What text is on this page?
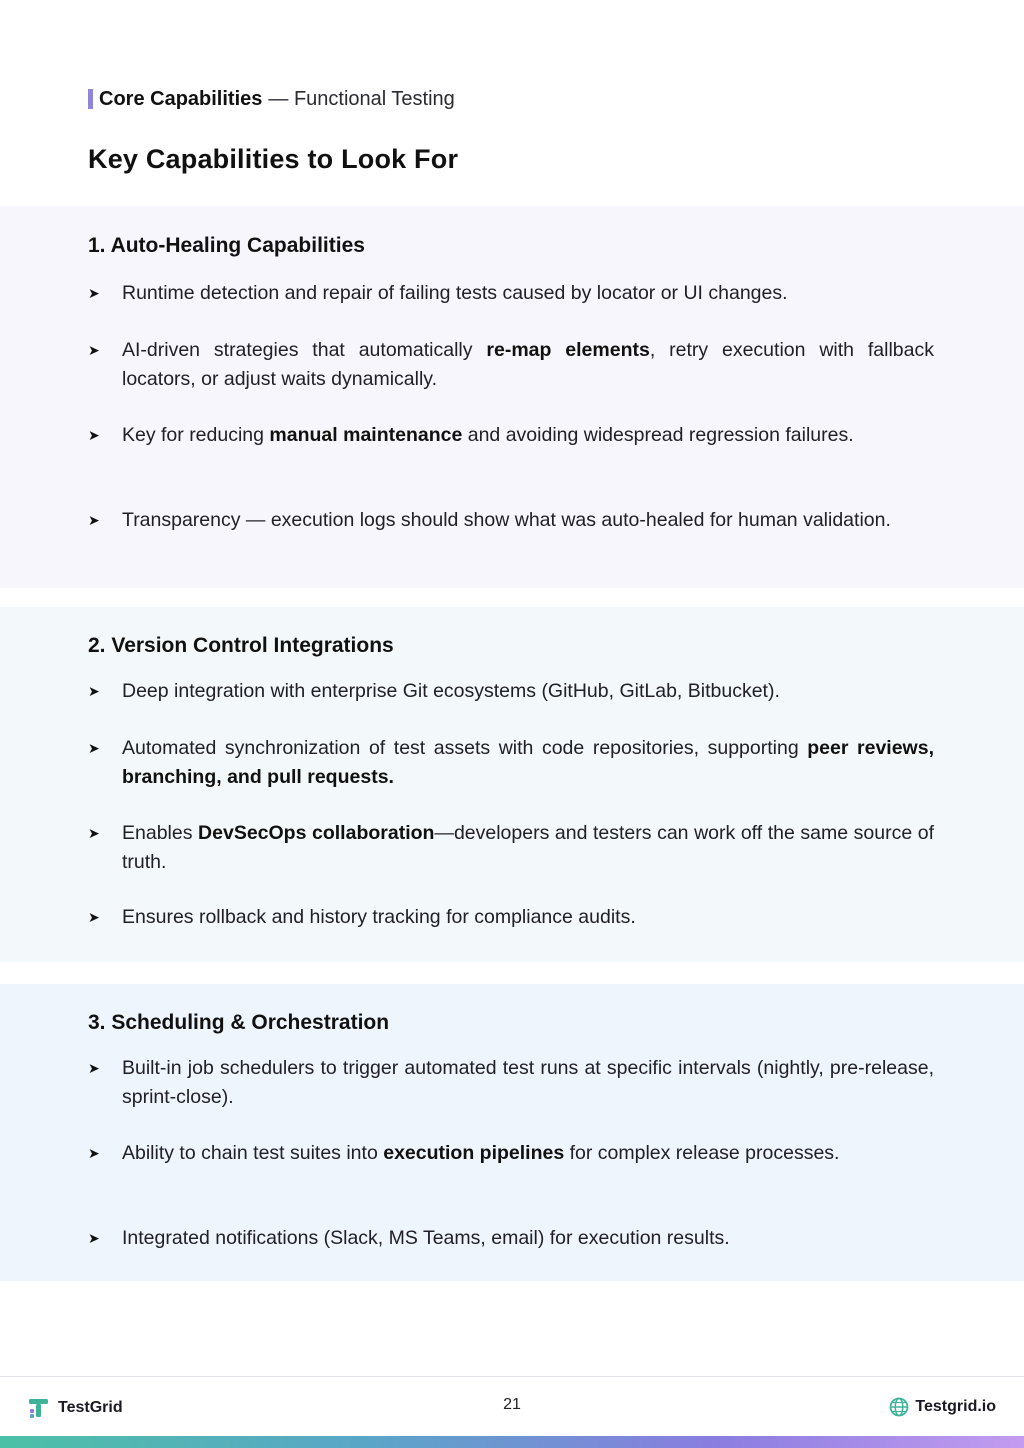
Core Capabilities — Functional Testing
Key Capabilities to Look For
1. Auto-Healing Capabilities
➤	Runtime detection and repair of failing tests caused by locator or UI changes.
➤	AI-driven strategies that automatically re-map elements, retry execution with fallback locators, or adjust waits dynamically.
➤	Key for reducing manual maintenance and avoiding widespread regression failures.
➤	Transparency — execution logs should show what was auto-healed for human validation.
2. Version Control Integrations
➤	Deep integration with enterprise Git ecosystems (GitHub, GitLab, Bitbucket).
➤	Automated synchronization of test assets with code repositories, supporting peer reviews, branching, and pull requests.
➤	Enables DevSecOps collaboration—developers and testers can work off the same source of truth.
➤	Ensures rollback and history tracking for compliance audits.
3. Scheduling & Orchestration
➤	Built-in job schedulers to trigger automated test runs at specific intervals (nightly, pre-release, sprint-close).
➤	Ability to chain test suites into execution pipelines for complex release processes.
➤	Integrated notifications (Slack, MS Teams, email) for execution results.
TestGrid	21	Testgrid.io
